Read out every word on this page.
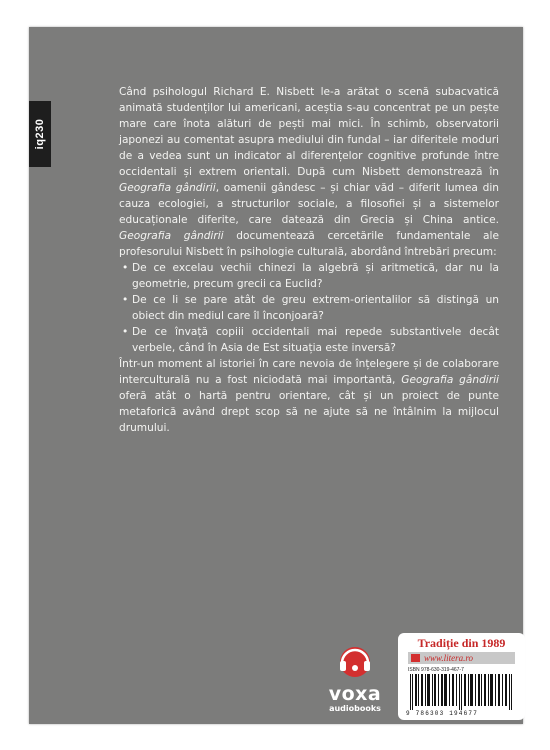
iq230

Când psihologul Richard E. Nisbett le-a arătat o scenă subacvatică animată studenților lui americani, aceștia s-au concentrat pe un pește mare care înota alături de pești mai mici. În schimb, observatorii japonezi au comentat asupra mediului din fundal – iar diferitele moduri de a vedea sunt un indicator al diferențelor cognitive profunde între occidentali și extrem orientali. După cum Nisbett demonstrează în Geografia gândirii, oamenii gândesc – și chiar văd – diferit lumea din cauza ecologiei, a structurilor sociale, a filosofiei și a sistemelor educaționale diferite, care datează din Grecia și China antice. Geografia gândirii documentează cercetările fundamentale ale profesorului Nisbett în psihologie culturală, abordând întrebări precum:

• De ce excelau vechii chinezi la algebră și aritmetică, dar nu la geometrie, precum grecii ca Euclid?
• De ce li se pare atât de greu extrem-orientalilor să distingă un obiect din mediul care îl înconjoară?
• De ce învață copiii occidentali mai repede substantivele decât verbele, când în Asia de Est situația este inversă?

Într-un moment al istoriei în care nevoia de înțelegere și de colaborare interculturală nu a fost niciodată mai importantă, Geografia gândirii oferă atât o hartă pentru orientare, cât și un proiect de punte metaforică având drept scop să ne ajute să ne întâlnim la mijlocul drumului.

voxa
audiobooks
Tradiție din 1989
www.litera.ro
ISBN 978-630-319-467-7
9 786303 194677
